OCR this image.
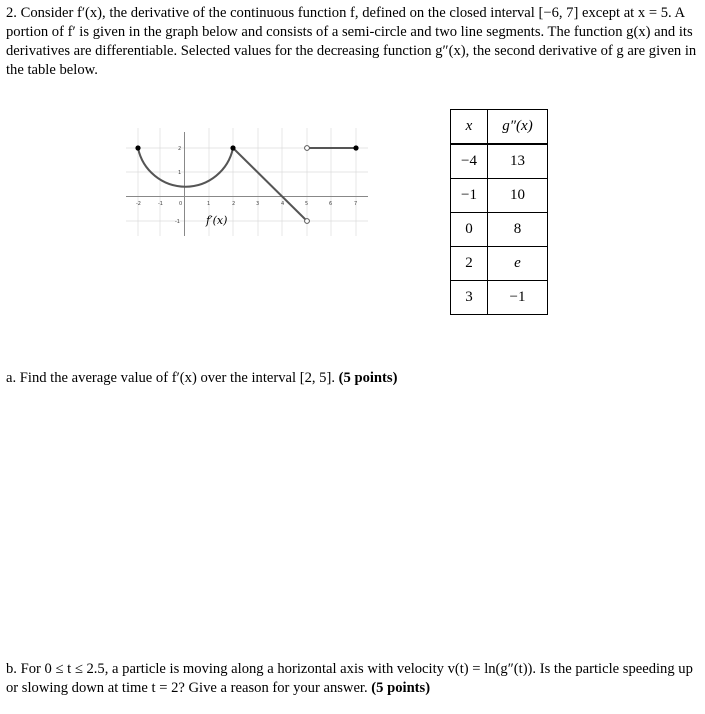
2. Consider f′(x), the derivative of the continuous function f, defined on the closed interval [−6, 7] except at x = 5. A portion of f′ is given in the graph below and consists of a semi-circle and two line segments. The function g(x) and its derivatives are differentiable. Selected values for the decreasing function g″(x), the second derivative of g are given in the table below.
-2	-1	0	1	2	3	4	5	6	7
2
1
-1 f′(x)
x	g″(x)
−4	13
−1	10
0	8
2	e
3	−1
a. Find the average value of f′(x) over the interval [2, 5]. (5 points)
b. For 0 ≤ t ≤ 2.5, a particle is moving along a horizontal axis with velocity v(t) = ln(g″(t)). Is the particle speeding up or slowing down at time t = 2? Give a reason for your answer. (5 points)
